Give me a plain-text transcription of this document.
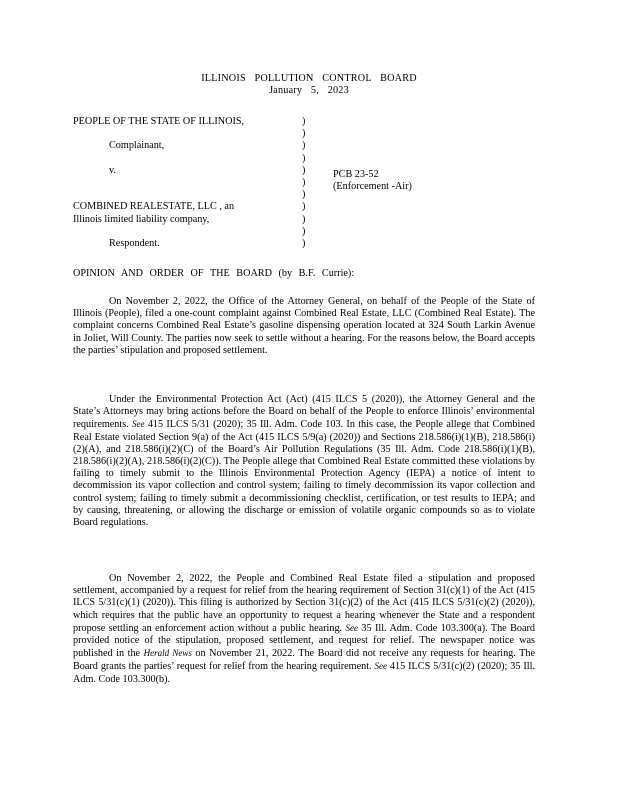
ILLINOIS POLLUTION CONTROL BOARD
January 5, 2023
PEOPLE OF THE STATE OF ILLINOIS,
Complainant,
v.
COMBINED REALESTATE, LLC , an
Illinois limited liability company,
Respondent.
)
)
)
)
)
)
)
)
)
)
)
PCB 23-52
(Enforcement -Air)
OPINION AND ORDER OF THE BOARD (by B.F. Currie):

On November 2, 2022, the Office of the Attorney General, on behalf of the People of the State of Illinois (People), filed a one-count complaint against Combined Real Estate, LLC (Combined Real Estate). The complaint concerns Combined Real Estate’s gasoline dispensing operation located at 324 South Larkin Avenue in Joliet, Will County. The parties now seek to settle without a hearing. For the reasons below, the Board accepts the parties’ stipulation and proposed settlement.

Under the Environmental Protection Act (Act) (415 ILCS 5 (2020)), the Attorney General and the State’s Attorneys may bring actions before the Board on behalf of the People to enforce Illinois’ environmental requirements. See 415 ILCS 5/31 (2020); 35 Ill. Adm. Code 103. In this case, the People allege that Combined Real Estate violated Section 9(a) of the Act (415 ILCS 5/9(a) (2020)) and Sections 218.586(i)(1)(B), 218.586(i)(2)(A), and 218.586(i)(2)(C) of the Board’s Air Pollution Regulations (35 Ill. Adm. Code 218.586(i)(1)(B), 218.586(i)(2)(A), 218.586(i)(2)(C)). The People allege that Combined Real Estate committed these violations by failing to timely submit to the Illinois Environmental Protection Agency (IEPA) a notice of intent to decommission its vapor collection and control system; failing to timely decommission its vapor collection and control system; failing to timely submit a decommissioning checklist, certification, or test results to IEPA; and by causing, threatening, or allowing the discharge or emission of volatile organic compounds so as to violate Board regulations.

On November 2, 2022, the People and Combined Real Estate filed a stipulation and proposed settlement, accompanied by a request for relief from the hearing requirement of Section 31(c)(1) of the Act (415 ILCS 5/31(c)(1) (2020)). This filing is authorized by Section 31(c)(2) of the Act (415 ILCS 5/31(c)(2) (2020)), which requires that the public have an opportunity to request a hearing whenever the State and a respondent propose settling an enforcement action without a public hearing. See 35 Ill. Adm. Code 103.300(a). The Board provided notice of the stipulation, proposed settlement, and request for relief. The newspaper notice was published in the Herald News on November 21, 2022. The Board did not receive any requests for hearing. The Board grants the parties’ request for relief from the hearing requirement. See 415 ILCS 5/31(c)(2) (2020); 35 Ill. Adm. Code 103.300(b).
